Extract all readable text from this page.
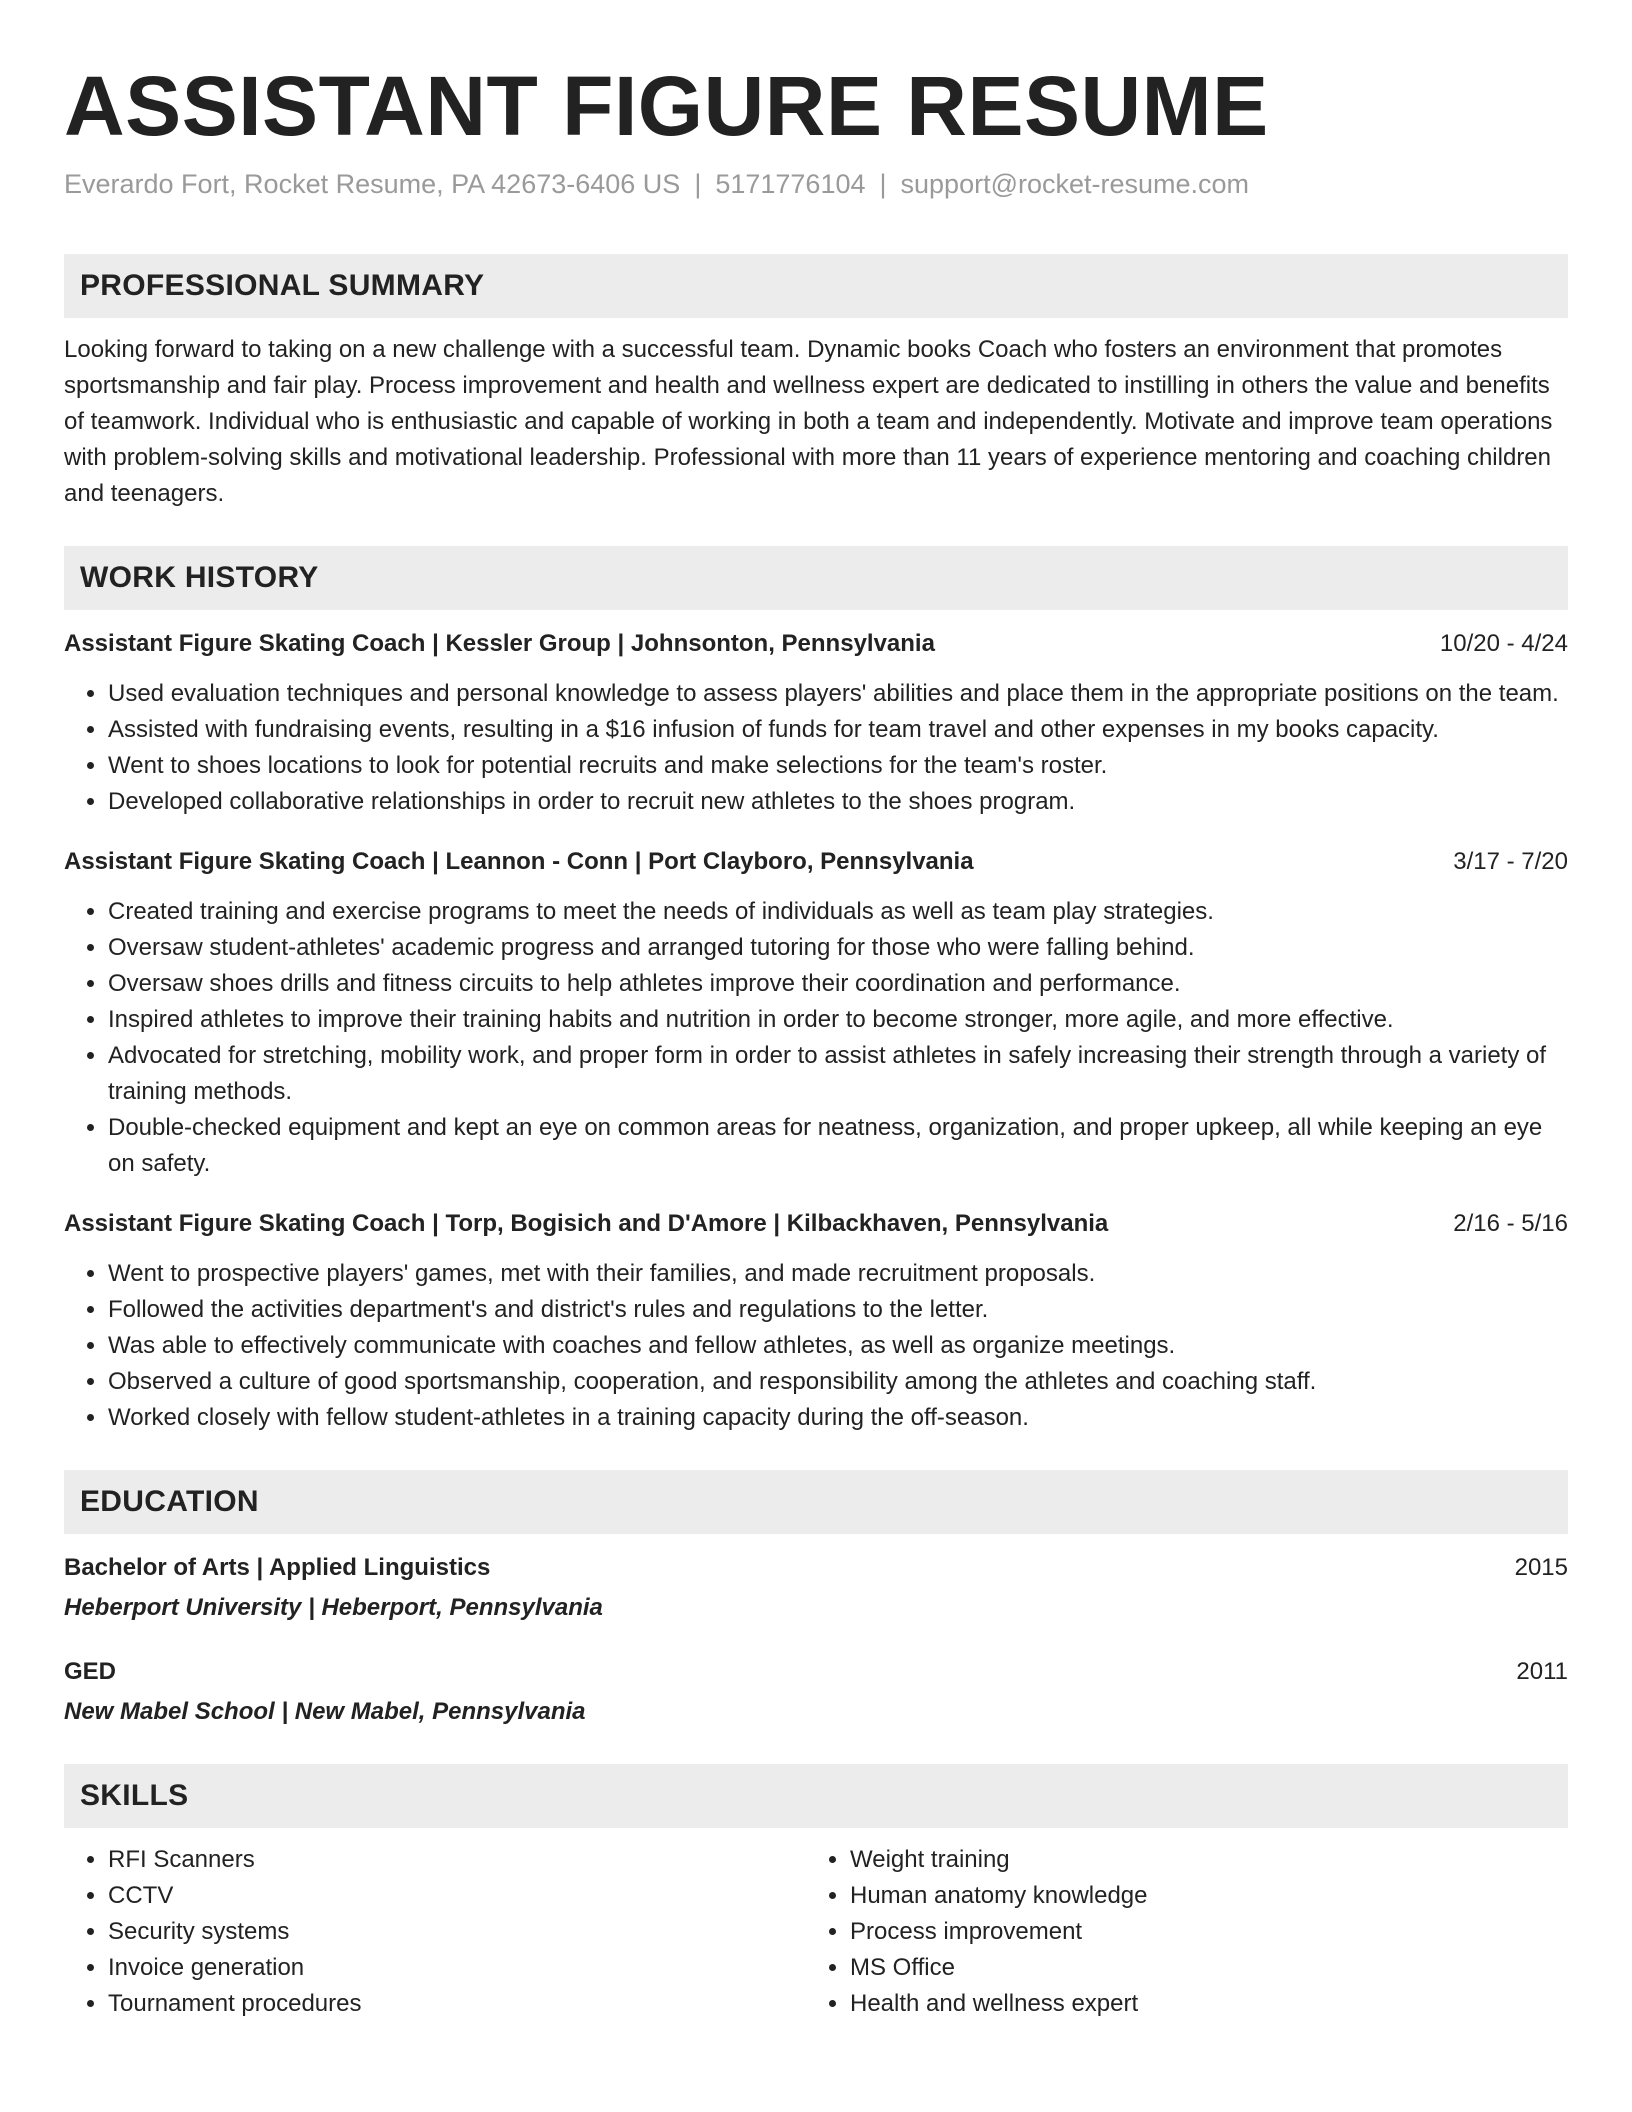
ASSISTANT FIGURE RESUME
Everardo Fort, Rocket Resume, PA 42673-6406 US | 5171776104 | support@rocket-resume.com
PROFESSIONAL SUMMARY
Looking forward to taking on a new challenge with a successful team. Dynamic books Coach who fosters an environment that promotes sportsmanship and fair play. Process improvement and health and wellness expert are dedicated to instilling in others the value and benefits of teamwork. Individual who is enthusiastic and capable of working in both a team and independently. Motivate and improve team operations with problem-solving skills and motivational leadership. Professional with more than 11 years of experience mentoring and coaching children and teenagers.
WORK HISTORY
Assistant Figure Skating Coach | Kessler Group | Johnsonton, Pennsylvania	10/20 - 4/24
• Used evaluation techniques and personal knowledge to assess players' abilities and place them in the appropriate positions on the team.
• Assisted with fundraising events, resulting in a $16 infusion of funds for team travel and other expenses in my books capacity.
• Went to shoes locations to look for potential recruits and make selections for the team's roster.
• Developed collaborative relationships in order to recruit new athletes to the shoes program.
Assistant Figure Skating Coach | Leannon - Conn | Port Clayboro, Pennsylvania	3/17 - 7/20
• Created training and exercise programs to meet the needs of individuals as well as team play strategies.
• Oversaw student-athletes' academic progress and arranged tutoring for those who were falling behind.
• Oversaw shoes drills and fitness circuits to help athletes improve their coordination and performance.
• Inspired athletes to improve their training habits and nutrition in order to become stronger, more agile, and more effective.
• Advocated for stretching, mobility work, and proper form in order to assist athletes in safely increasing their strength through a variety of training methods.
• Double-checked equipment and kept an eye on common areas for neatness, organization, and proper upkeep, all while keeping an eye on safety.
Assistant Figure Skating Coach | Torp, Bogisich and D'Amore | Kilbackhaven, Pennsylvania	2/16 - 5/16
• Went to prospective players' games, met with their families, and made recruitment proposals.
• Followed the activities department's and district's rules and regulations to the letter.
• Was able to effectively communicate with coaches and fellow athletes, as well as organize meetings.
• Observed a culture of good sportsmanship, cooperation, and responsibility among the athletes and coaching staff.
• Worked closely with fellow student-athletes in a training capacity during the off-season.
EDUCATION
Bachelor of Arts | Applied Linguistics	2015
Heberport University | Heberport, Pennsylvania
GED	2011
New Mabel School | New Mabel, Pennsylvania
SKILLS
• RFI Scanners
• CCTV
• Security systems
• Invoice generation
• Tournament procedures
• Weight training
• Human anatomy knowledge
• Process improvement
• MS Office
• Health and wellness expert
